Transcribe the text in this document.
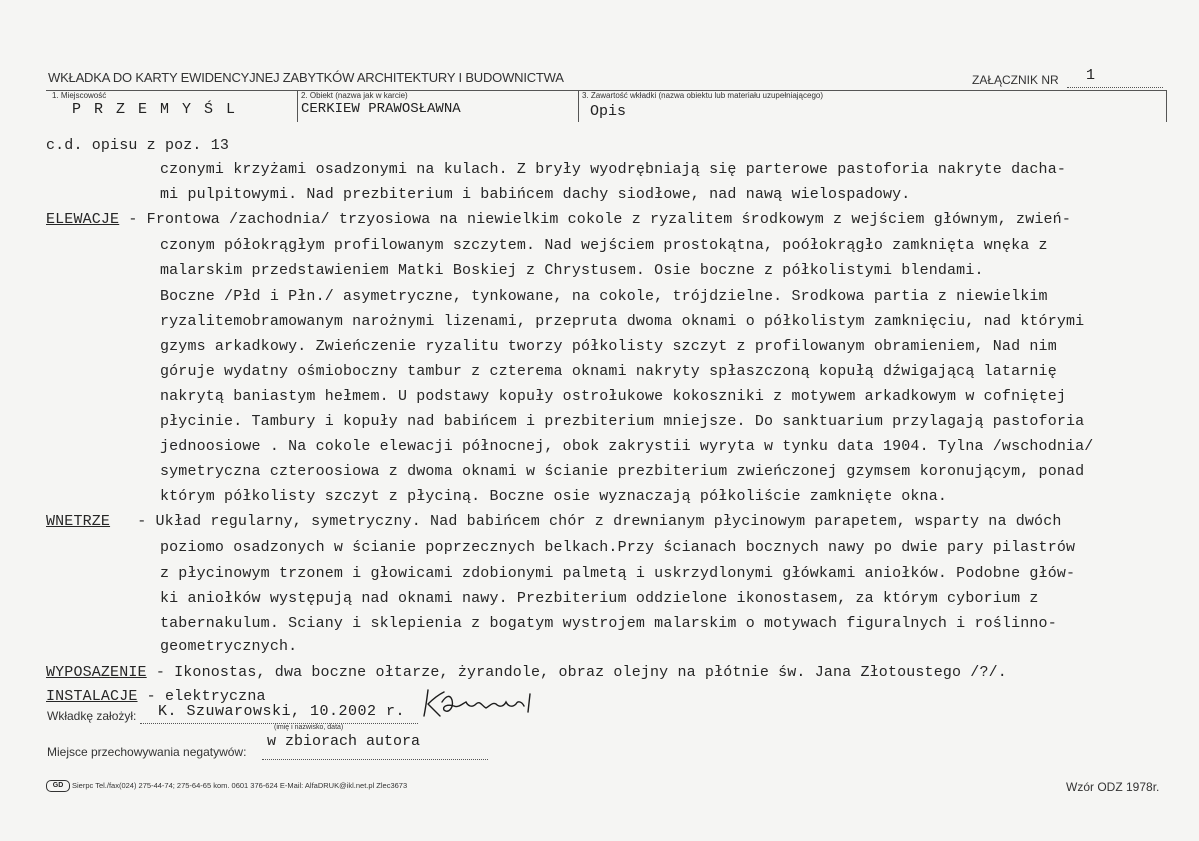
WKŁADKA DO KARTY EWIDENCYJNEJ ZABYTKÓW ARCHITEKTURY I BUDOWNICTWA	ZAŁĄCZNIK NR 1
1. Miejscowość
P R Z E M Y Ś L
2. Obiekt (nazwa jak w karcie)
CERKIEW PRAWOSŁAWNA
3. Zawartość wkładki (nazwa obiektu lub materiału uzupełniającego)
Opis
c.d. opisu z poz. 13
czonymi krzyżami osadzonymi na kulach. Z bryły wyodrębniają się parterowe pastoforia nakryte dacha-
mi pulpitowymi. Nad prezbiterium i babińcem dachy siodłowe, nad nawą wielospadowy.
ELEWACJE - Frontowa /zachodnia/ trzyosiowa na niewielkim cokole z ryzalitem środkowym z wejściem głównym, zwień-
czonym półokrągłym profilowanym szczytem. Nad wejściem prostokątna, poółokrągło zamknięta wnęka z
malarskim przedstawieniem Matki Boskiej z Chrystusem. Osie boczne z półkolistymi blendami.
Boczne /Płd i Płn./ asymetryczne, tynkowane, na cokole, trójdzielne. Srodkowa partia z niewielkim
ryzalitemobramowanym narożnymi lizenami, przepruta dwoma oknami o półkolistym zamknięciu, nad którymi
gzyms arkadkowy. Zwieńczenie ryzalitu tworzy półkolisty szczyt z profilowanym obramieniem, Nad nim
góruje wydatny ośmioboczny tambur z czterema oknami nakryty spłaszczoną kopułą dźwigającą latarnię
nakrytą baniastym hełmem. U podstawy kopuły ostrołukowe kokoszniki z motywem arkadkowym w cofniętej
płycinie. Tambury i kopuły nad babińcem i prezbiterium mniejsze. Do sanktuarium przylagają pastoforia
jednoosiowe . Na cokole elewacji północnej, obok zakrystii wyryta w tynku data 1904. Tylna /wschodnia/
symetryczna czteroosiowa z dwoma oknami w ścianie prezbiterium zwieńczonej gzymsem koronującym, ponad
którym półkolisty szczyt z płyciną. Boczne osie wyznaczają półkoliście zamknięte okna.
WNETRZE - Układ regularny, symetryczny. Nad babińcem chór z drewnianym płycinowym parapetem, wsparty na dwóch
poziomo osadzonych w ścianie poprzecznych belkach.Przy ścianach bocznych nawy po dwie pary pilastrów
z płycinowym trzonem i głowicami zdobionymi palmetą i uskrzydlonymi główkami aniołków. Podobne głów-
ki aniołków występują nad oknami nawy. Prezbiterium oddzielone ikonostasem, za którym cyborium z
tabernakulum. Sciany i sklepienia z bogatym wystrojem malarskim o motywach figuralnych i roślinno-
geometrycznych.
WYPOSAZENIE - Ikonostas, dwa boczne ołtarze, żyrandole, obraz olejny na płótnie św. Jana Złotoustego /?/.
INSTALACJE - elektryczna
Wkładkę założył: K. Szuwarowski, 10.2002 r.
(imię i nazwisko, data)
Miejsce przechowywania negatywów:
w zbiorach autora
GD	Sierpc Tel./fax(024) 275-44-74; 275-64-65 kom. 0601 376-624 E-Mail: AlfaDRUK@ikl.net.pl Zlec3673	Wzór ODZ 1978r.
